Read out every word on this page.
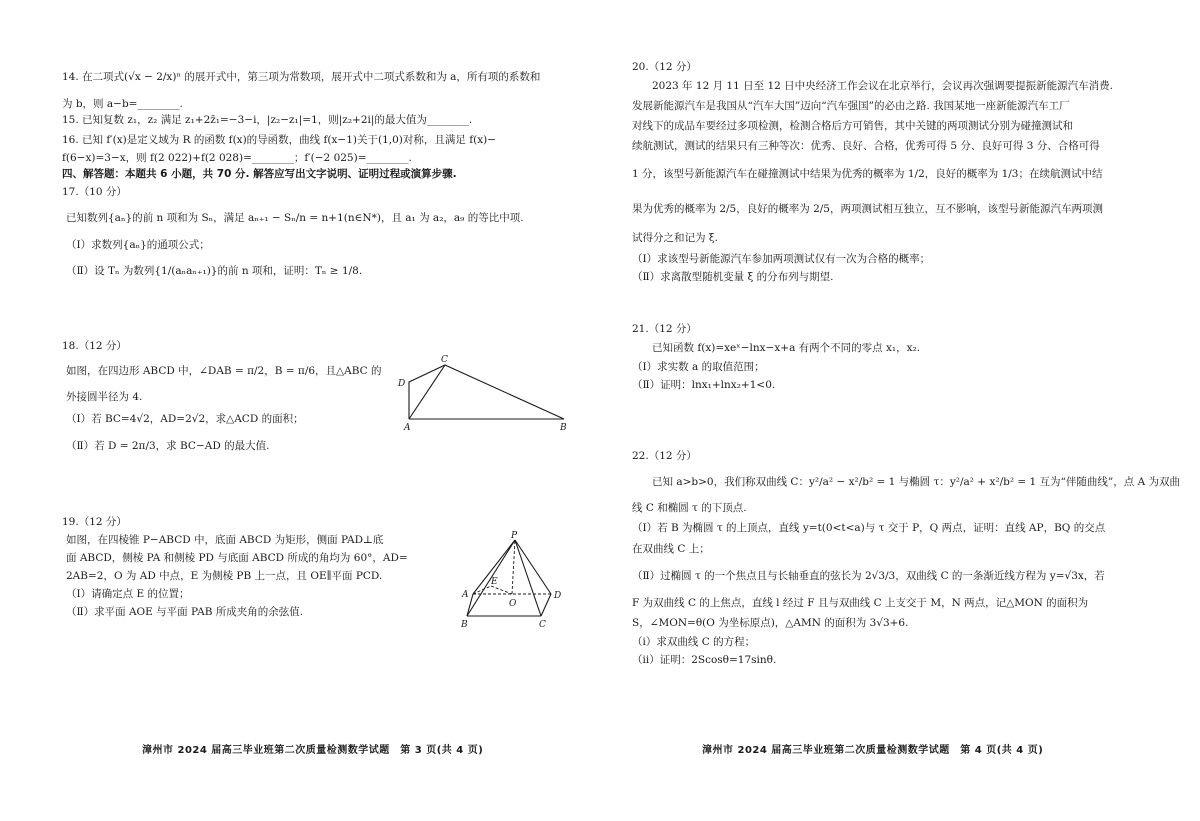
14. 在二项式(√x − 2/x)ⁿ 的展开式中，第三项为常数项，展开式中二项式系数和为 a，所有项的系数和
为 b，则 a−b=________.
15. 已知复数 z₁，z₂ 满足 z₁+2z̄₁=−3−i，|z₂−z₁|=1，则|z₂+2i|的最大值为________.
16. 已知 f′(x)是定义域为 R 的函数 f(x)的导函数，曲线 f(x−1)关于(1,0)对称，且满足 f(x)−
f(6−x)=3−x，则 f(2 022)+f(2 028)=________；f′(−2 025)=________.
四、解答题：本题共 6 小题，共 70 分. 解答应写出文字说明、证明过程或演算步骤.
17.（10 分）
已知数列{aₙ}的前 n 项和为 Sₙ，满足 aₙ₊₁ − Sₙ/n = n+1(n∈N*)，且 a₁ 为 a₂，a₉ 的等比中项.
（Ⅰ）求数列{aₙ}的通项公式；
（Ⅱ）设 Tₙ 为数列{1/(aₙaₙ₊₁)}的前 n 项和，证明：Tₙ ≥ 1/8.
18.（12 分）
如图，在四边形 ABCD 中，∠DAB = π/2，B = π/6，且△ABC 的
外接圆半径为 4.
（Ⅰ）若 BC=4√2，AD=2√2，求△ACD 的面积；
（Ⅱ）若 D = 2π/3，求 BC−AD 的最大值.
C
D
A	B
19.（12 分）
如图，在四棱锥 P−ABCD 中，底面 ABCD 为矩形，侧面 PAD⊥底
面 ABCD，侧棱 PA 和侧棱 PD 与底面 ABCD 所成的角均为 60°，AD=
2AB=2，O 为 AD 中点，E 为侧棱 PB 上一点，且 OE∥平面 PCD.
（Ⅰ）请确定点 E 的位置；
（Ⅱ）求平面 AOE 与平面 PAB 所成夹角的余弦值.
P
A
B	C
D
E
O
漳州市 2024 届高三毕业班第二次质量检测数学试题　第 3 页(共 4 页)
20.（12 分）
2023 年 12 月 11 日至 12 日中央经济工作会议在北京举行，会议再次强调要提振新能源汽车消费.
发展新能源汽车是我国从“汽车大国”迈向“汽车强国”的必由之路. 我国某地一座新能源汽车工厂
对线下的成品车要经过多项检测，检测合格后方可销售，其中关键的两项测试分别为碰撞测试和
续航测试，测试的结果只有三种等次：优秀、良好、合格，优秀可得 5 分、良好可得 3 分、合格可得
1 分，该型号新能源汽车在碰撞测试中结果为优秀的概率为 1/2，良好的概率为 1/3；在续航测试中结
果为优秀的概率为 2/5，良好的概率为 2/5，两项测试相互独立，互不影响，该型号新能源汽车两项测
试得分之和记为 ξ.
（Ⅰ）求该型号新能源汽车参加两项测试仅有一次为合格的概率；
（Ⅱ）求离散型随机变量 ξ 的分布列与期望.
21.（12 分）
已知函数 f(x)=xeˣ−lnx−x+a 有两个不同的零点 x₁，x₂.
（Ⅰ）求实数 a 的取值范围；
（Ⅱ）证明：lnx₁+lnx₂+1<0.
22.（12 分）
已知 a>b>0，我们称双曲线 C：y²/a² − x²/b² = 1 与椭圆 τ：y²/a² + x²/b² = 1 互为“伴随曲线”，点 A 为双曲
线 C 和椭圆 τ 的下顶点.
（Ⅰ）若 B 为椭圆 τ 的上顶点，直线 y=t(0<t<a)与 τ 交于 P，Q 两点，证明：直线 AP，BQ 的交点
在双曲线 C 上；
（Ⅱ）过椭圆 τ 的一个焦点且与长轴垂直的弦长为 2√3/3，双曲线 C 的一条渐近线方程为 y=√3x，若
F 为双曲线 C 的上焦点，直线 l 经过 F 且与双曲线 C 上支交于 M，N 两点，记△MON 的面积为
S，∠MON=θ(O 为坐标原点)，△AMN 的面积为 3√3+6.
（ⅰ）求双曲线 C 的方程；
（ⅱ）证明：2Scosθ=17sinθ.
漳州市 2024 届高三毕业班第二次质量检测数学试题　第 4 页(共 4 页)
